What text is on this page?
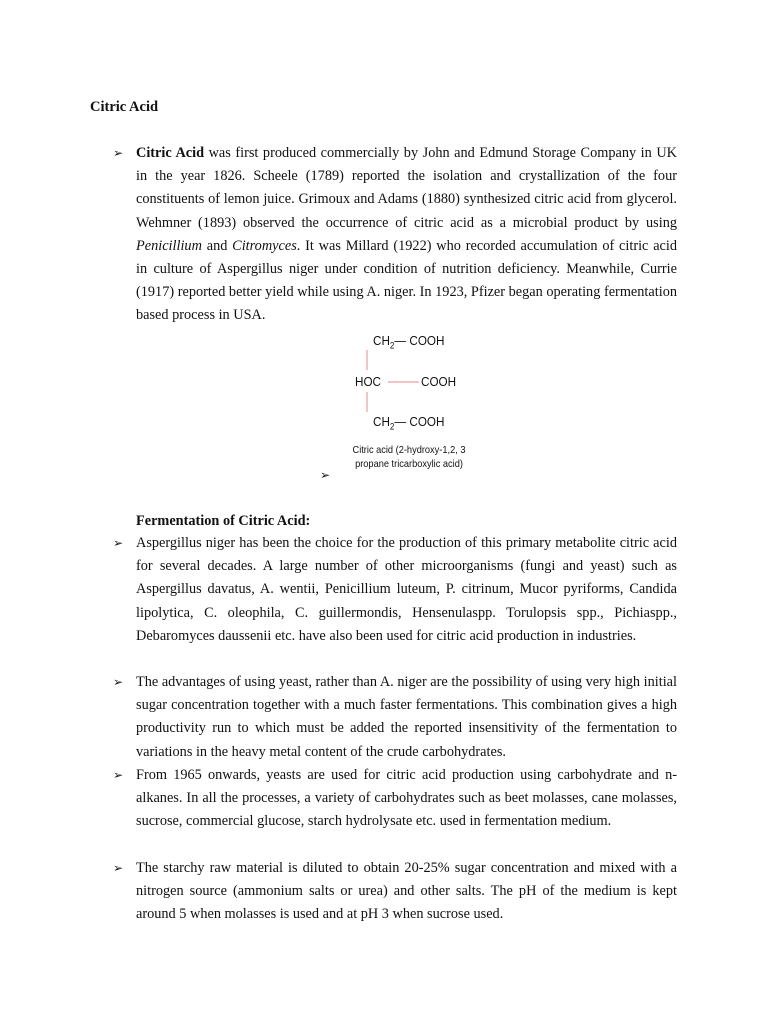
Citric Acid
➢ Citric Acid was first produced commercially by John and Edmund Storage Company in UK in the year 1826. Scheele (1789) reported the isolation and crystallization of the four constituents of lemon juice. Grimoux and Adams (1880) synthesized citric acid from glycerol. Wehmner (1893) observed the occurrence of citric acid as a microbial product by using Penicillium and Citromyces. It was Millard (1922) who recorded accumulation of citric acid in culture of Aspergillus niger under condition of nutrition deficiency. Meanwhile, Currie (1917) reported better yield while using A. niger. In 1923, Pfizer began operating fermentation based process in USA.
$CH_2—$ COOH
HOC	COOH
$CH_2—$ COOH
Citric acid (2-hydroxy-1,2, 3
propane tricarboxylic acid)
➢
Fermentation of Citric Acid:
➢ Aspergillus niger has been the choice for the production of this primary metabolite citric acid for several decades. A large number of other microorganisms (fungi and yeast) such as Aspergillus davatus, A. wentii, Penicillium luteum, P. citrinum, Mucor pyriforms, Candida lipolytica, C. oleophila, C. guillermondis, Hensenulaspp. Torulopsis spp., Pichiaspp., Debaromyces daussenii etc. have also been used for citric acid production in industries.
➢ The advantages of using yeast, rather than A. niger are the possibility of using very high initial sugar concentration together with a much faster fermentations. This combination gives a high productivity run to which must be added the reported insensitivity of the fermentation to variations in the heavy metal content of the crude carbohydrates.
➢ From 1965 onwards, yeasts are used for citric acid production using carbohydrate and n-alkanes. In all the processes, a variety of carbohydrates such as beet molasses, cane molasses, sucrose, commercial glucose, starch hydrolysate etc. used in fermentation medium.
➢ The starchy raw material is diluted to obtain 20-25% sugar concentration and mixed with a nitrogen source (ammonium salts or urea) and other salts. The pH of the medium is kept around 5 when molasses is used and at pH 3 when sucrose used.
